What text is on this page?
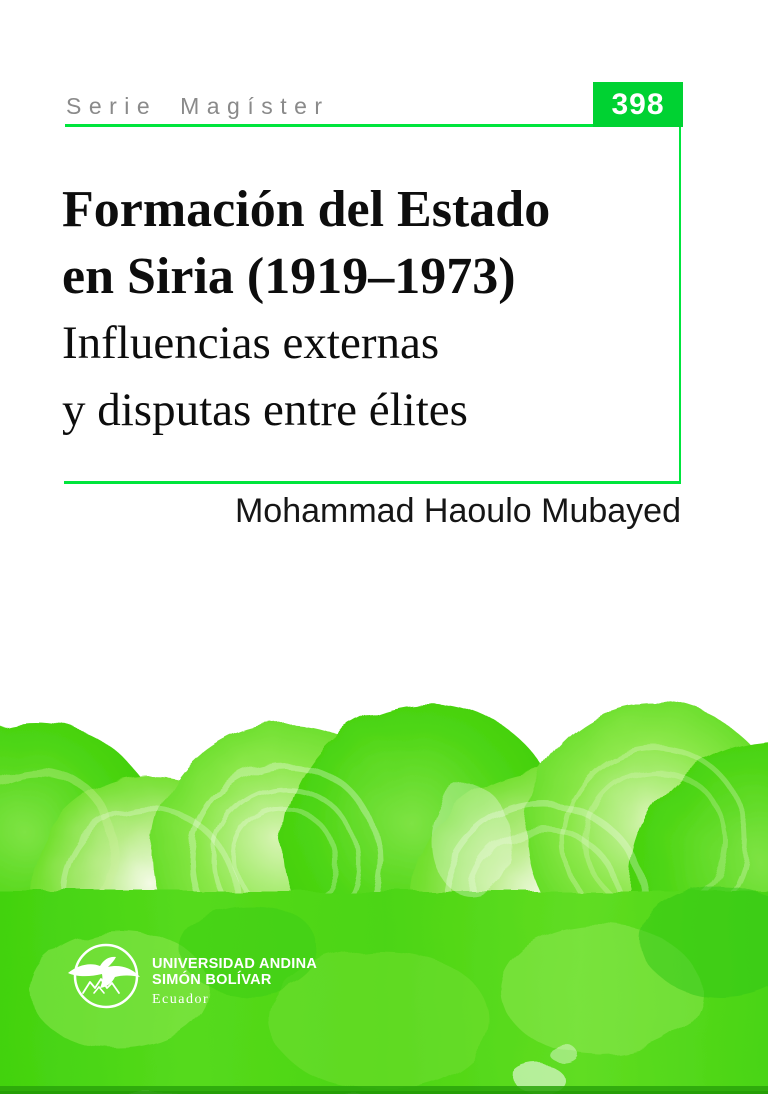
Serie Magíster	398
Formación del Estado
en Siria (1919–1973)
Influencias externas
y disputas entre élites
Mohammad Haoulo Mubayed
UNIVERSIDAD ANDINA
SIMÓN BOLÍVAR
Ecuador
